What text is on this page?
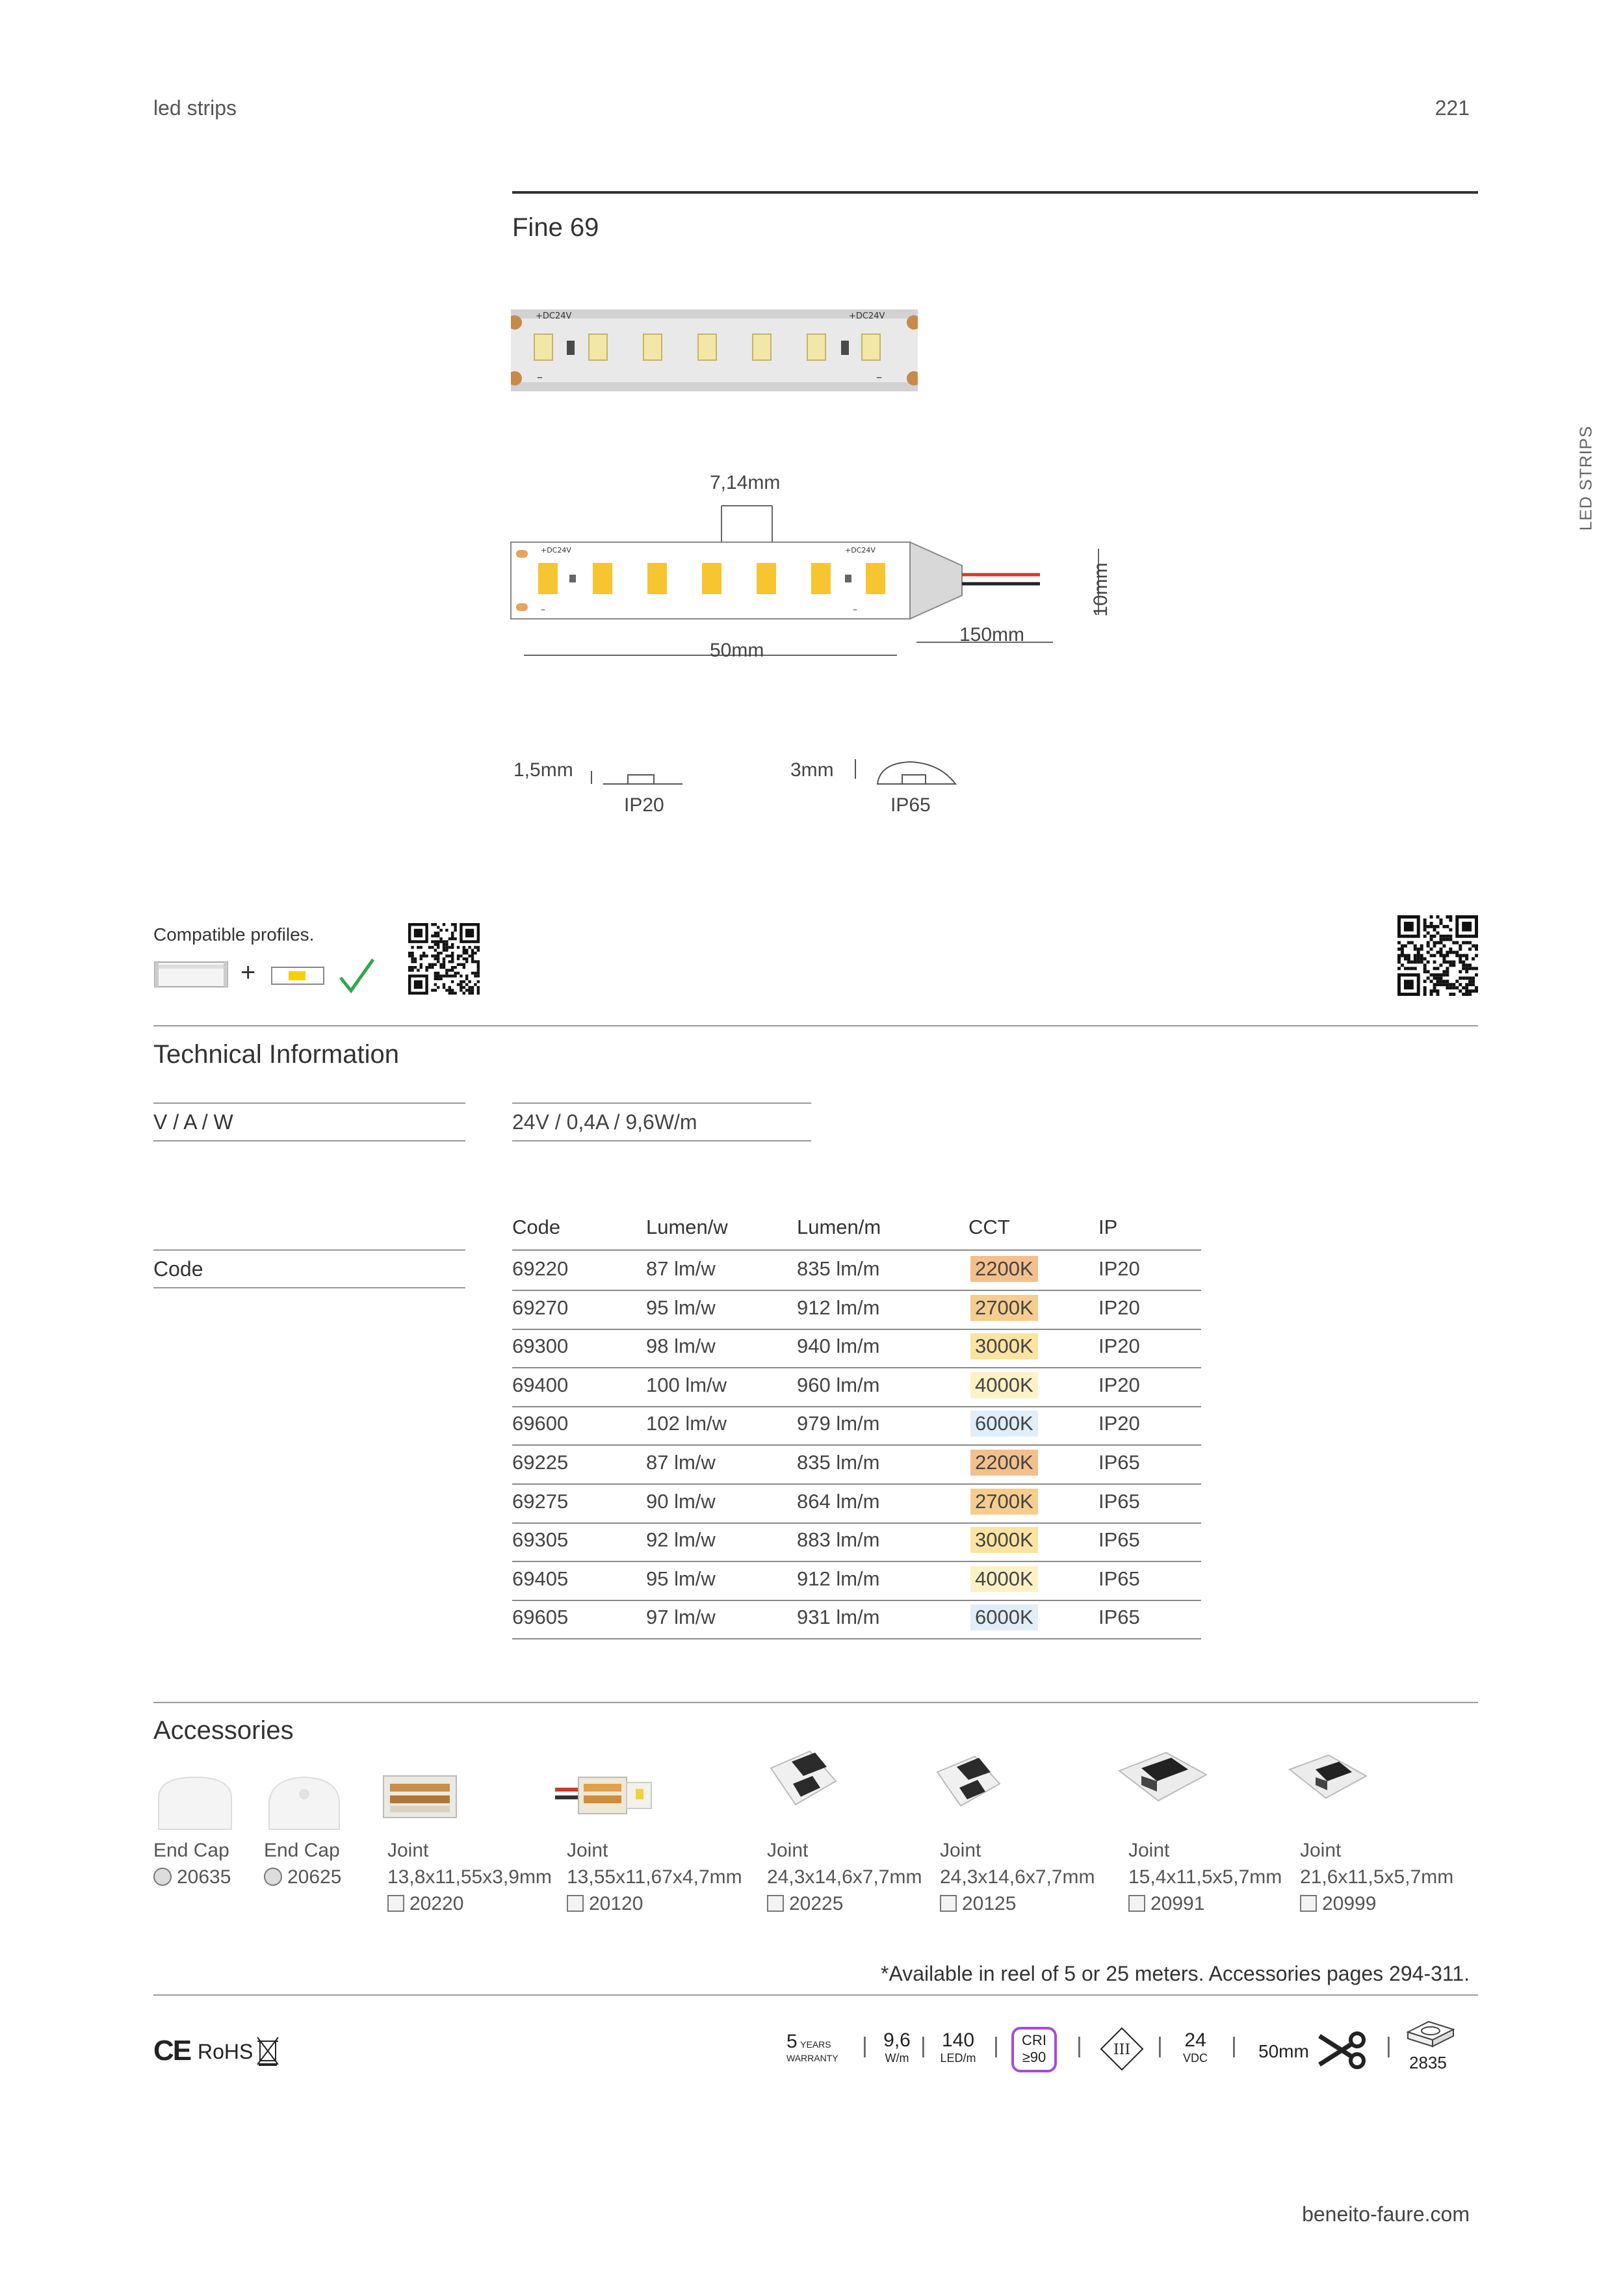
led strips	221
LED STRIPS
Fine 69
+DC24V	+DC24V
–	–
7,14mm
+DC24V	+DC24V
–	–
150mm
50mm
10mm
1,5mm
IP20
3mm
IP65
Compatible profiles.
+
Technical Information
V / A / W	24V / 0,4A / 9,6W/m
Code
Code	Lumen/w	Lumen/m	CCT	IP
69220	87 lm/w	835 lm/m	2200K	IP20
69270	95 lm/w	912 lm/m	2700K	IP20
69300	98 lm/w	940 lm/m	3000K	IP20
69400	100 lm/w	960 lm/m	4000K	IP20
69600	102 lm/w	979 lm/m	6000K	IP20
69225	87 lm/w	835 lm/m	2200K	IP65
69275	90 lm/w	864 lm/m	2700K	IP65
69305	92 lm/w	883 lm/m	3000K	IP65
69405	95 lm/w	912 lm/m	4000K	IP65
69605	97 lm/w	931 lm/m	6000K	IP65
Accessories
End Cap
20635
End Cap
20625
Joint
13,8x11,55x3,9mm
20220
Joint
13,55x11,67x4,7mm
20120
Joint
24,3x14,6x7,7mm
20225
Joint
24,3x14,6x7,7mm
20125
Joint
15,4x11,5x5,7mm
20991
Joint
21,6x11,5x5,7mm
20999
*Available in reel of 5 or 25 meters. Accessories pages 294-311.
CE RoHS	5 YEARS
WARRANTY	| 9,6
W/m | 140
LED/m |	CRI
≥90	| III |	24
VDC	| 50mm	|
2835
beneito-faure.com
